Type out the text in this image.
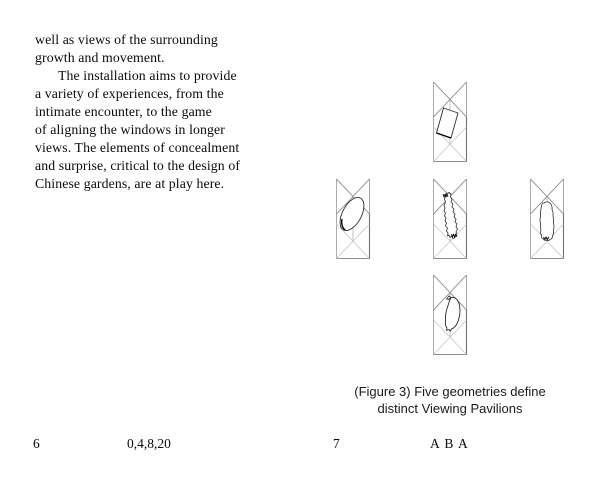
well as views of the surrounding
growth and movement.
The installation aims to provide
a variety of experiences, from the
intimate encounter, to the game
of aligning the windows in longer
views. The elements of concealment
and surprise, critical to the design of
Chinese gardens, are at play here.
6	0,4,8,20
(Figure 3) Five geometries define
distinct Viewing Pavilions
7	A B A
